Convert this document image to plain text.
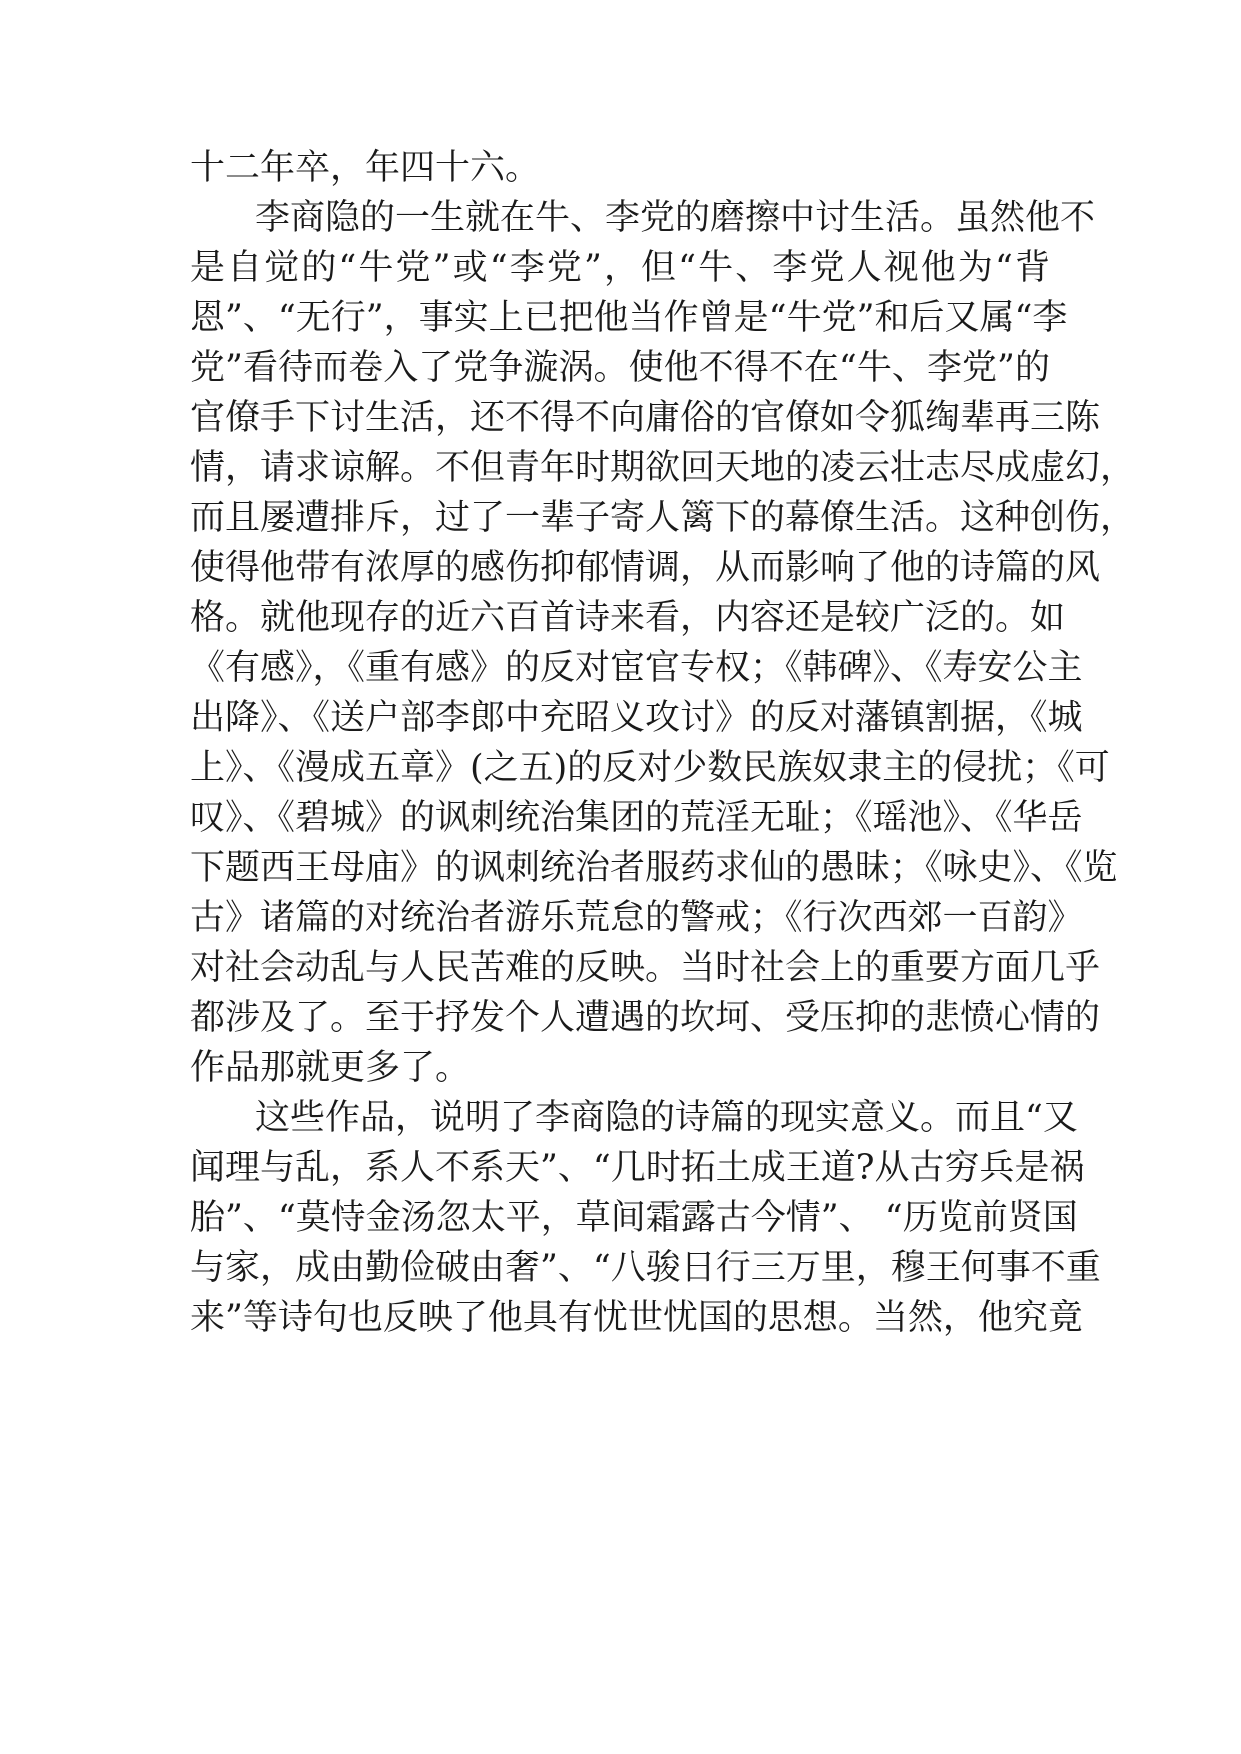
十二年卒，年四十六。

李商隐的一生就在牛、李党的磨擦中讨生活。虽然他不

是自觉的“牛党”或“李党”，但“牛、李党人视他为“背

恩”、“无行”，事实上已把他当作曾是“牛党”和后又属“李

党”看待而卷入了党争漩涡。使他不得不在“牛、李党”的

官僚手下讨生活，还不得不向庸俗的官僚如令狐绹辈再三陈

情，请求谅解。不但青年时期欲回天地的凌云壮志尽成虚幻，

而且屡遭排斥，过了一辈子寄人篱下的幕僚生活。这种创伤，

使得他带有浓厚的感伤抑郁情调，从而影响了他的诗篇的风

格。就他现存的近六百首诗来看，内容还是较广泛的。如

《有感》，《重有感》的反对宦官专权；《韩碑》、《寿安公主

出降》、《送户部李郎中充昭义攻讨》的反对藩镇割据，《城

上》、《漫成五章》(之五)的反对少数民族奴隶主的侵扰；《可

叹》、《碧城》的讽刺统治集团的荒淫无耻；《瑶池》、《华岳

下题西王母庙》的讽刺统治者服药求仙的愚昧；《咏史》、《览

古》诸篇的对统治者游乐荒怠的警戒；《行次西郊一百韵》

对社会动乱与人民苦难的反映。当时社会上的重要方面几乎

都涉及了。至于抒发个人遭遇的坎坷、受压抑的悲愤心情的

作品那就更多了。

这些作品，说明了李商隐的诗篇的现实意义。而且“又

闻理与乱，系人不系天”、“几时拓土成王道?从古穷兵是祸

胎”、“莫恃金汤忽太平，草间霜露古今情”、 “历览前贤国

与家，成由勤俭破由奢”、“八骏日行三万里，穆王何事不重

来”等诗句也反映了他具有忧世忧国的思想。当然，他究竟
